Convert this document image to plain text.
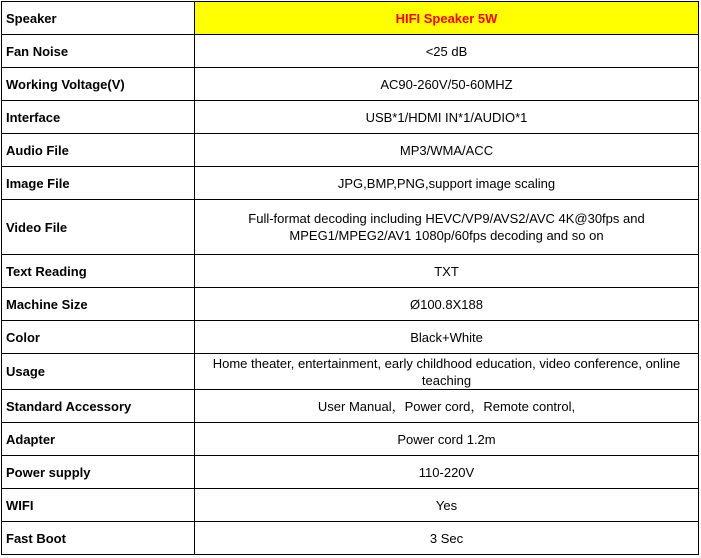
Speaker	HIFI Speaker 5W
Fan Noise	<25 dB
Working Voltage(V)	AC90-260V/50-60MHZ
Interface	USB*1/HDMI IN*1/AUDIO*1
Audio File	MP3/WMA/ACC
Image File	JPG,BMP,PNG,support image scaling
Video File	Full-format decoding including HEVC/VP9/AVS2/AVC 4K@30fps and MPEG1/MPEG2/AV1 1080p/60fps decoding and so on
Text Reading	TXT
Machine Size	Ø100.8X188
Color	Black+White
Usage	Home theater, entertainment, early childhood education, video conference, online teaching
Standard Accessory	User Manual，Power cord，Remote control,
Adapter	Power cord 1.2m
Power supply	110-220V
WIFI	Yes
Fast Boot	3 Sec
